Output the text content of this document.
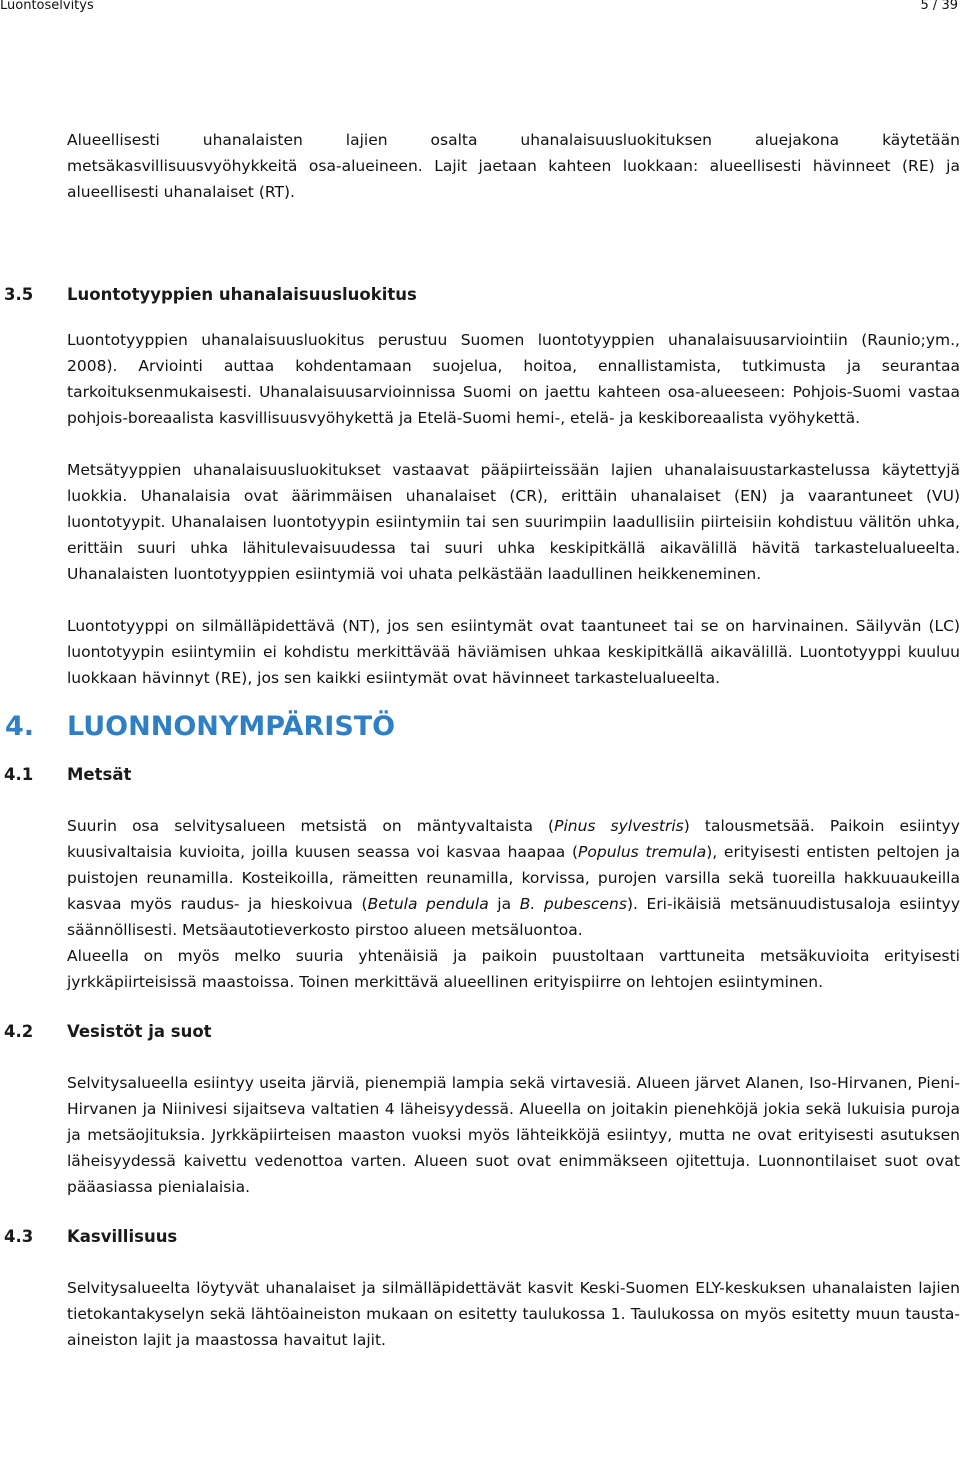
Luontoselvitys	5 / 39

Alueellisesti uhanalaisten lajien osalta uhanalaisuusluokituksen aluejakona käytetään metsäkasvillisuusvyöhykkeitä osa-alueineen. Lajit jaetaan kahteen luokkaan: alueellisesti hävinneet (RE) ja alueellisesti uhanalaiset (RT).

3.5 Luontotyyppien uhanalaisuusluokitus

Luontotyyppien uhanalaisuusluokitus perustuu Suomen luontotyyppien uhanalaisuusarviointiin (Raunio;ym., 2008). Arviointi auttaa kohdentamaan suojelua, hoitoa, ennallistamista, tutkimusta ja seurantaa tarkoituksenmukaisesti. Uhanalaisuusarvioinnissa Suomi on jaettu kahteen osa-alueeseen: Pohjois-Suomi vastaa pohjois-boreaalista kasvillisuusvyöhykettä ja Etelä-Suomi hemi-, etelä- ja keskiboreaalista vyöhykettä.

Metsätyyppien uhanalaisuusluokitukset vastaavat pääpiirteissään lajien uhanalaisuustarkastelussa käytettyjä luokkia. Uhanalaisia ovat äärimmäisen uhanalaiset (CR), erittäin uhanalaiset (EN) ja vaarantuneet (VU) luontotyypit. Uhanalaisen luontotyypin esiintymiin tai sen suurimpiin laadullisiin piirteisiin kohdistuu välitön uhka, erittäin suuri uhka lähitulevaisuudessa tai suuri uhka keskipitkällä aikavälillä hävitä tarkastelualueelta. Uhanalaisten luontotyyppien esiintymiä voi uhata pelkästään laadullinen heikkeneminen.

Luontotyyppi on silmälläpidettävä (NT), jos sen esiintymät ovat taantuneet tai se on harvinainen. Säilyvän (LC) luontotyypin esiintymiin ei kohdistu merkittävää häviämisen uhkaa keskipitkällä aikavälillä. Luontotyyppi kuuluu luokkaan hävinnyt (RE), jos sen kaikki esiintymät ovat hävinneet tarkastelualueelta.

4. LUONNONYMPÄRISTÖ
4.1 Metsät

Suurin osa selvitysalueen metsistä on mäntyvaltaista (Pinus sylvestris) talousmetsää. Paikoin esiintyy kuusivaltaisia kuvioita, joilla kuusen seassa voi kasvaa haapaa (Populus tremula), erityisesti entisten peltojen ja puistojen reunamilla. Kosteikoilla, rämeitten reunamilla, korvissa, purojen varsilla sekä tuoreilla hakkuuaukeilla kasvaa myös raudus- ja hieskoivua (Betula pendula ja B. pubescens). Eri-ikäisiä metsänuudistusaloja esiintyy säännöllisesti. Metsäautotieverkosto pirstoo alueen metsäluontoa.

Alueella on myös melko suuria yhtenäisiä ja paikoin puustoltaan varttuneita metsäkuvioita erityisesti jyrkkäpiirteisissä maastoissa. Toinen merkittävä alueellinen erityispiirre on lehtojen esiintyminen.

4.2 Vesistöt ja suot

Selvitysalueella esiintyy useita järviä, pienempiä lampia sekä virtavesiä. Alueen järvet Alanen, Iso-Hirvanen, Pieni-Hirvanen ja Niinivesi sijaitseva valtatien 4 läheisyydessä. Alueella on joitakin pienehköjä jokia sekä lukuisia puroja ja metsäojituksia. Jyrkkäpiirteisen maaston vuoksi myös lähteikköjä esiintyy, mutta ne ovat erityisesti asutuksen läheisyydessä kaivettu vedenottoa varten. Alueen suot ovat enimmäkseen ojitettuja. Luonnontilaiset suot ovat pääasiassa pienialaisia.

4.3 Kasvillisuus

Selvitysalueelta löytyvät uhanalaiset ja silmälläpidettävät kasvit Keski-Suomen ELY-keskuksen uhanalaisten lajien tietokantakyselyn sekä lähtöaineiston mukaan on esitetty taulukossa 1. Taulukossa on myös esitetty muun tausta-aineiston lajit ja maastossa havaitut lajit.
